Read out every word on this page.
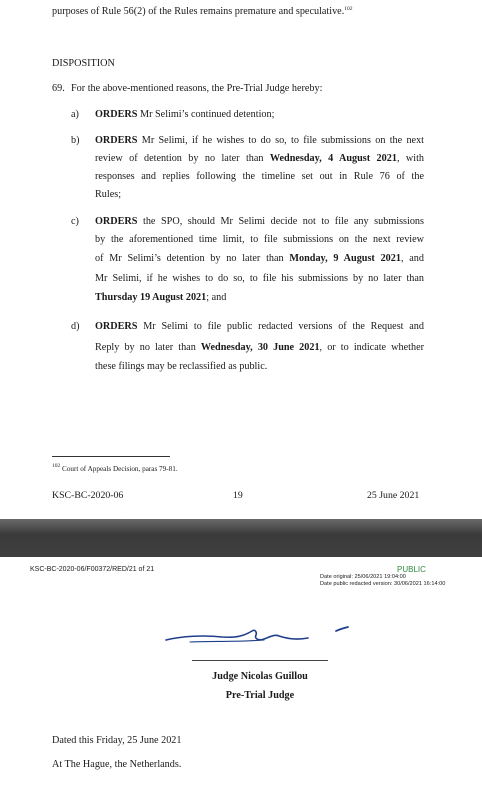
purposes of Rule 56(2) of the Rules remains premature and speculative.$^{102}$
DISPOSITION
69. For the above-mentioned reasons, the Pre-Trial Judge hereby:
a) ORDERS Mr Selimi’s continued detention;
b) ORDERS Mr Selimi, if he wishes to do so, to file submissions on the next
review of detention by no later than Wednesday, 4 August 2021, with
responses and replies following the timeline set out in Rule 76 of the
Rules;
c) ORDERS the SPO, should Mr Selimi decide not to file any submissions
by the aforementioned time limit, to file submissions on the next review
of Mr Selimi’s detention by no later than Monday, 9 August 2021, and
Mr Selimi, if he wishes to do so, to file his submissions by no later than
Thursday 19 August 2021; and
d) ORDERS Mr Selimi to file public redacted versions of the Request and
Reply by no later than Wednesday, 30 June 2021, or to indicate whether
these filings may be reclassified as public.
$^{102}$ Court of Appeals Decision, paras 79-81.
KSC-BC-2020-06	19	25 June 2021
KSC-BC-2020-06/F00372/RED/21 of 21	PUBLIC
Date original: 25/06/2021 19:04:00
Date public redacted version: 30/06/2021 16:14:00
Judge Nicolas Guillou
Pre-Trial Judge
Dated this Friday, 25 June 2021
At The Hague, the Netherlands.
